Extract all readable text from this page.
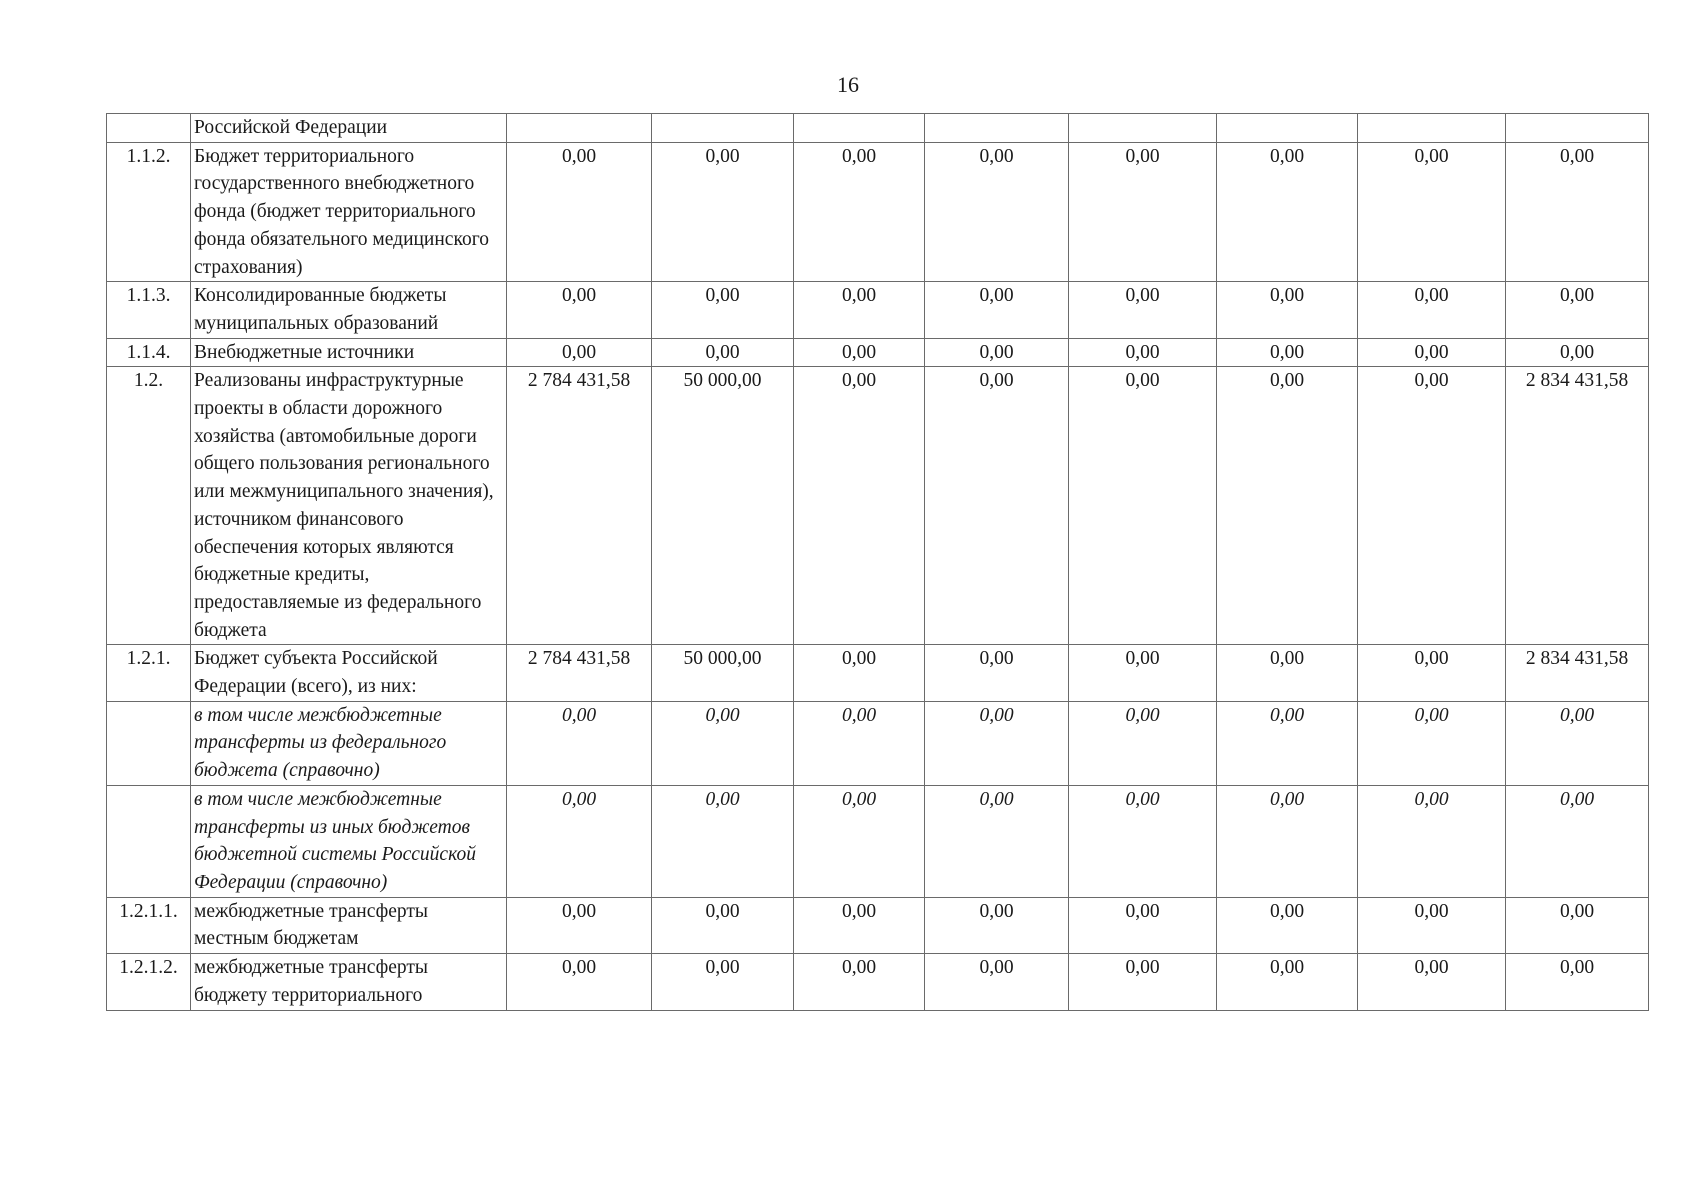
16
	Российской Федерации								
1.1.2.	Бюджет территориального государственного внебюджетного фонда (бюджет территориального фонда обязательного медицинского страхования)	0,00	0,00	0,00	0,00	0,00	0,00	0,00	0,00
1.1.3.	Консолидированные бюджеты муниципальных образований	0,00	0,00	0,00	0,00	0,00	0,00	0,00	0,00
1.1.4.	Внебюджетные источники	0,00	0,00	0,00	0,00	0,00	0,00	0,00	0,00
1.2.	Реализованы инфраструктурные проекты в области дорожного хозяйства (автомобильные дороги общего пользования регионального или межмуниципального значения), источником финансового обеспечения которых являются бюджетные кредиты, предоставляемые из федерального бюджета	2 784 431,58	50 000,00	0,00	0,00	0,00	0,00	0,00	2 834 431,58
1.2.1.	Бюджет субъекта Российской Федерации (всего), из них:	2 784 431,58	50 000,00	0,00	0,00	0,00	0,00	0,00	2 834 431,58
	в том числе межбюджетные трансферты из федерального бюджета (справочно)	0,00	0,00	0,00	0,00	0,00	0,00	0,00	0,00
	в том числе межбюджетные трансферты из иных бюджетов бюджетной системы Российской Федерации (справочно)	0,00	0,00	0,00	0,00	0,00	0,00	0,00	0,00
1.2.1.1.	межбюджетные трансферты местным бюджетам	0,00	0,00	0,00	0,00	0,00	0,00	0,00	0,00
1.2.1.2.	межбюджетные трансферты бюджету территориального	0,00	0,00	0,00	0,00	0,00	0,00	0,00	0,00
